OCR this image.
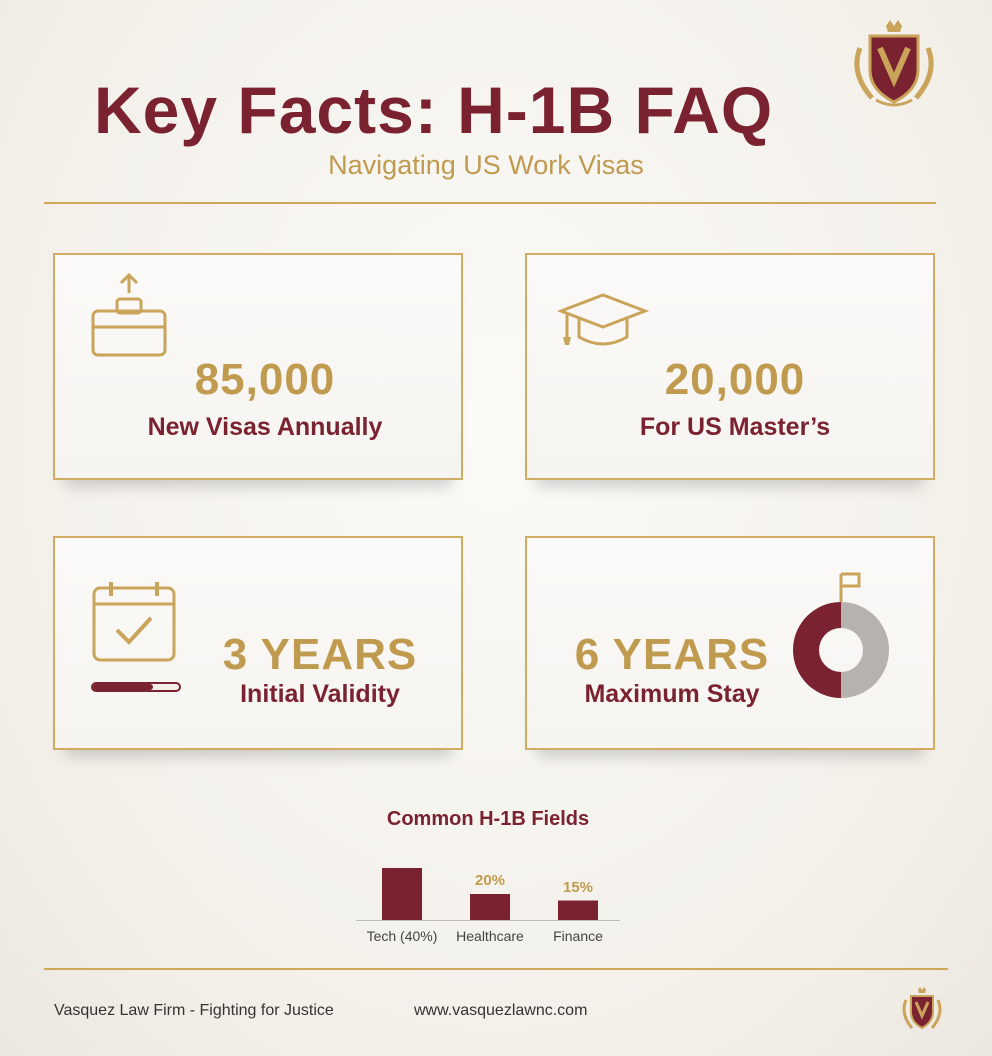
Key Facts: H-1B FAQ
Navigating US Work Visas
85,000
New Visas Annually
20,000
For US Master’s
3 YEARS
Initial Validity
6 YEARS
Maximum Stay
Common H-1B Fields
Tech (40%)
20%
Healthcare
15%
Finance
Vasquez Law Firm - Fighting for Justice	www.vasquezlawnc.com
